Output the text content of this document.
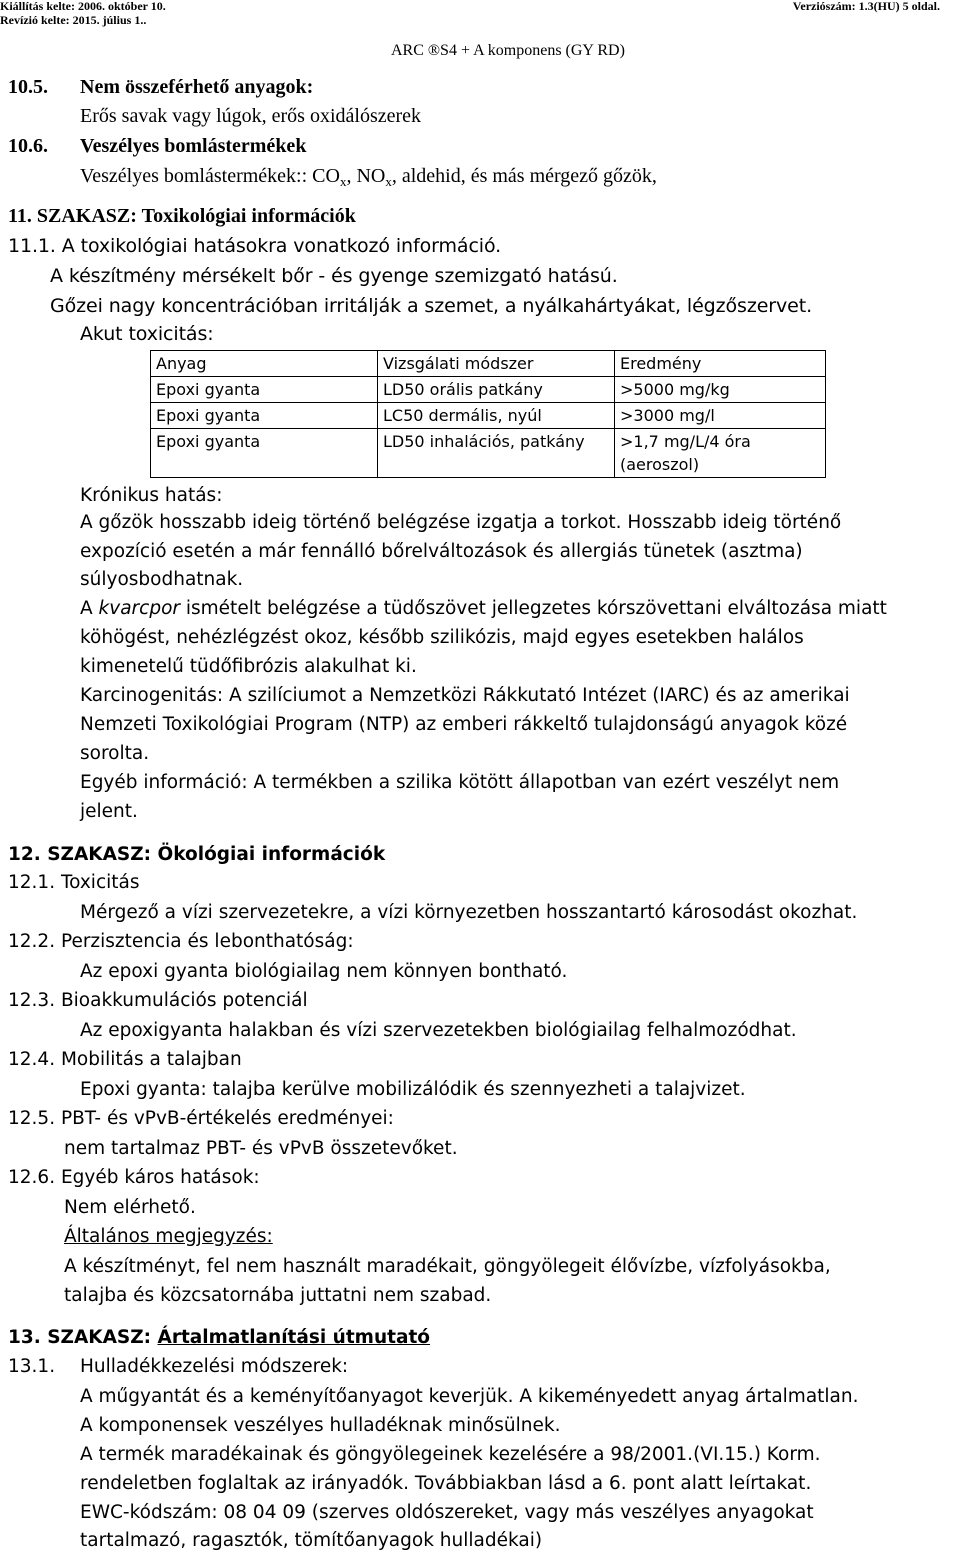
Kiállítás kelte: 2006. október 10.
Revízió kelte: 2015. július 1..
Verziószám: 1.3(HU) 5 oldal.
ARC ®S4 + A komponens (GY RD)
10.5. Nem összeférhető anyagok:
Erős savak vagy lúgok, erős oxidálószerek
10.6. Veszélyes bomlástermékek
Veszélyes bomlástermékek:: $CO_x$, $NO_x$, aldehid, és más mérgező gőzök,
11. SZAKASZ: Toxikológiai információk
11.1. A toxikológiai hatásokra vonatkozó információ.
A készítmény mérsékelt bőr - és gyenge szemizgató hatású.
Gőzei nagy koncentrációban irritálják a szemet, a nyálkahártyákat, légzőszervet.
Akut toxicitás:
Anyag	Vizsgálati módszer	Eredmény
Epoxi gyanta	LD50 orális patkány	>5000 mg/kg
Epoxi gyanta	LC50 dermális, nyúl	>3000 mg/l
Epoxi gyanta	LD50 inhalációs, patkány	>1,7 mg/L/4 óra (aeroszol)
Krónikus hatás:
A gőzök hosszabb ideig történő belégzése izgatja a torkot. Hosszabb ideig történő
expozíció esetén a már fennálló bőrelváltozások és allergiás tünetek (asztma)
súlyosbodhatnak.
A kvarcpor ismételt belégzése a tüdőszövet jellegzetes kórszövettani elváltozása miatt
köhögést, nehézlégzést okoz, később szilikózis, majd egyes esetekben halálos
kimenetelű tüdőfibrózis alakulhat ki.
Karcinogenitás: A szilíciumot a Nemzetközi Rákkutató Intézet (IARC) és az amerikai
Nemzeti Toxikológiai Program (NTP) az emberi rákkeltő tulajdonságú anyagok közé
sorolta.
Egyéb információ: A termékben a szilika kötött állapotban van ezért veszélyt nem
jelent.
12. SZAKASZ: Ökológiai információk
12.1. Toxicitás
Mérgező a vízi szervezetekre, a vízi környezetben hosszantartó károsodást okozhat.
12.2. Perzisztencia és lebonthatóság:
Az epoxi gyanta biológiailag nem könnyen bontható.
12.3. Bioakkumulációs potenciál
Az epoxigyanta halakban és vízi szervezetekben biológiailag felhalmozódhat.
12.4. Mobilitás a talajban
Epoxi gyanta: talajba kerülve mobilizálódik és szennyezheti a talajvizet.
12.5. PBT- és vPvB-értékelés eredményei:
nem tartalmaz PBT- és vPvB összetevőket.
12.6. Egyéb káros hatások:
Nem elérhető.
Általános megjegyzés:
A készítményt, fel nem használt maradékait, göngyölegeit élővízbe, vízfolyásokba,
talajba és közcsatornába juttatni nem szabad.
13. SZAKASZ: Ártalmatlanítási útmutató
13.1. Hulladékkezelési módszerek:
A műgyantát és a keményítőanyagot keverjük. A kikeményedett anyag ártalmatlan.
A komponensek veszélyes hulladéknak minősülnek.
A termék maradékainak és göngyölegeinek kezelésére a 98/2001.(VI.15.) Korm.
rendeletben foglaltak az irányadók. Továbbiakban lásd a 6. pont alatt leírtakat.
EWC-kódszám: 08 04 09 (szerves oldószereket, vagy más veszélyes anyagokat
tartalmazó, ragasztók, tömítőanyagok hulladékai)
